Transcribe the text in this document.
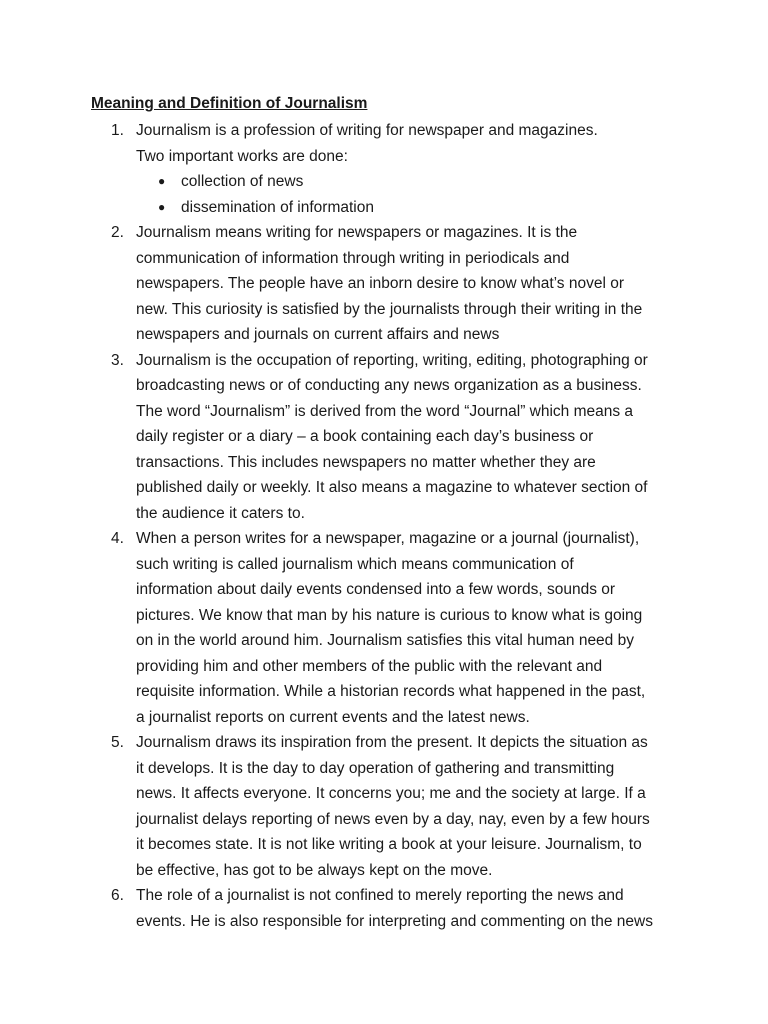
Meaning and Definition of Journalism
1. Journalism is a profession of writing for newspaper and magazines.
Two important works are done:
● collection of news
● dissemination of information
2. Journalism means writing for newspapers or magazines. It is the
communication of information through writing in periodicals and
newspapers. The people have an inborn desire to know what’s novel or
new. This curiosity is satisfied by the journalists through their writing in the
newspapers and journals on current affairs and news
3. Journalism is the occupation of reporting, writing, editing, photographing or
broadcasting news or of conducting any news organization as a business.
The word “Journalism” is derived from the word “Journal” which means a
daily register or a diary – a book containing each day’s business or
transactions. This includes newspapers no matter whether they are
published daily or weekly. It also means a magazine to whatever section of
the audience it caters to.
4. When a person writes for a newspaper, magazine or a journal (journalist),
such writing is called journalism which means communication of
information about daily events condensed into a few words, sounds or
pictures. We know that man by his nature is curious to know what is going
on in the world around him. Journalism satisfies this vital human need by
providing him and other members of the public with the relevant and
requisite information. While a historian records what happened in the past,
a journalist reports on current events and the latest news.
5. Journalism draws its inspiration from the present. It depicts the situation as
it develops. It is the day to day operation of gathering and transmitting
news. It affects everyone. It concerns you; me and the society at large. If a
journalist delays reporting of news even by a day, nay, even by a few hours
it becomes state. It is not like writing a book at your leisure. Journalism, to
be effective, has got to be always kept on the move.
6. The role of a journalist is not confined to merely reporting the news and
events. He is also responsible for interpreting and commenting on the news
